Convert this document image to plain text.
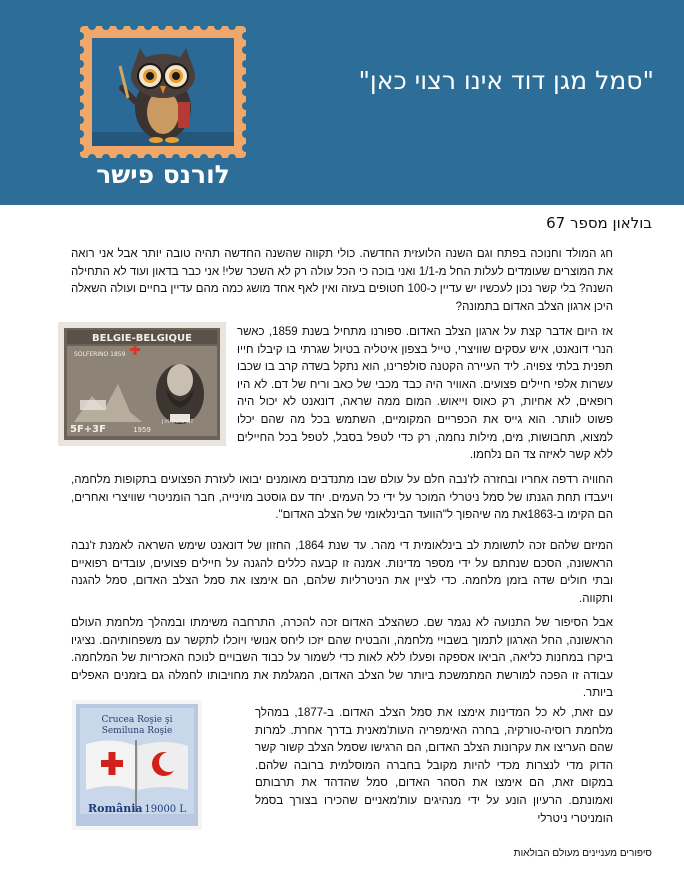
"סמל מגן דוד אינו רצוי כאן"
לורנס פישר
בולאון מספר 67
חג המולד וחנוכה בפתח וגם השנה הלועזית החדשה. כולי תקווה שהשנה החדשה תהיה טובה יותר אבל אני רואה את המוצרים שעומדים לעלות החל מ-1/1 ואני בוכה כי הכל עולה רק לא השכר שלי! אני כבר בדאון ועוד לא התחילה השנה? בלי קשר נכון לעכשיו יש עדיין כ-100 חטופים בעזה ואין לאף אחד מושג כמה מהם עדיין בחיים ועולה השאלה היכן ארגון הצלב האדום בתמונה?
BELGIE-BELGIQUE
SOLFERINO 1859
J.H. DUNANT
5F+3F	1959
אז היום אדבר קצת על ארגון הצלב האדום. ספורנו מתחיל בשנת 1859, כאשר הנרי דונאנט, איש עסקים שוויצרי, טייל בצפון איטליה בטיול שגרתי בו קיבלו חייו תפנית בלתי צפויה. ליד העיירה הקטנה סולפרינו, הוא נתקל בשדה קרב בו שכבו עשרות אלפי חיילים פצועים. האוויר היה כבד מכבי של כאב וריח של דם. לא היו רופאים, לא אחיות, רק כאוס וייאוש. המום ממה שראה, דונאנט לא יכול היה פשוט לוותר. הוא גייס את הכפריים המקומיים, השתמש בכל מה שהם יכלו למצוא, תחבושות, מים, מילות נחמה, רק כדי לטפל בסבל, לטפל בכל החיילים ללא קשר לאיזה צד הם נלחמו.
החוויה רדפה אחריו ובחזרה לז'נבה חלם על עולם שבו מתנדבים מאומנים יבואו לעזרת הפצועים בתקופות מלחמה, ויעבדו תחת הגנתו של סמל ניטרלי המוכר על ידי כל העמים. יחד עם גוסטב מוינייה, חבר הומניטרי שוויצרי ואחרים, הם הקימו ב-1863את מה שיהפוך ל"הוועד הבינלאומי של הצלב האדום".
המיזם שלהם זכה לתשומת לב בינלאומית די מהר. עד שנת 1864, החזון של דונאנט שימש השראה לאמנת ז'נבה הראשונה, הסכם שנחתם על ידי מספר מדינות. אמנה זו קבעה כללים להגנה על חיילים פצועים, עובדים רפואיים ובתי חולים שדה בזמן מלחמה. כדי לציין את הניטרליות שלהם, הם אימצו את סמל הצלב האדום, סמל להגנה ותקווה.
אבל הסיפור של התנועה לא נגמר שם. כשהצלב האדום זכה להכרה, התרחבה משימתו ובמהלך מלחמת העולם הראשונה, החל הארגון לתמוך בשבויי מלחמה, והבטיח שהם יזכו ליחס אנושי ויוכלו לתקשר עם משפחותיהם. נציגיו ביקרו במחנות כליאה, הביאו אספקה ופעלו ללא לאות כדי לשמור על כבוד השבויים לנוכח האכזריות של המלחמה. עבודה זו הפכה למורשת המתמשכת ביותר של הצלב האדום, המגלמת את מחויבותו לחמלה גם בזמנים האפלים ביותר.
Crucea Roşie şi
Semiluna Roşie
România 19000 L
עם זאת, לא כל המדינות אימצו את סמל הצלב האדום. ב-1877, במהלך מלחמת רוסיה-טורקיה, בחרה האימפריה העות'מאנית בדרך אחרת. למרות שהם העריצו את עקרונות הצלב האדום, הם הרגישו שסמל הצלב קשור קשר הדוק מדי לנצרות מכדי להיות מקובל בחברה המוסלמית ברובה שלהם. במקום זאת, הם אימצו את הסהר האדום, סמל שהדהד את תרבותם ואמונתם. הרעיון הונע על ידי מנהיגים עות'מאניים שהכירו בצורך בסמל הומניטרי ניטרלי
סיפורים מעניינים מעולם הבולאות
